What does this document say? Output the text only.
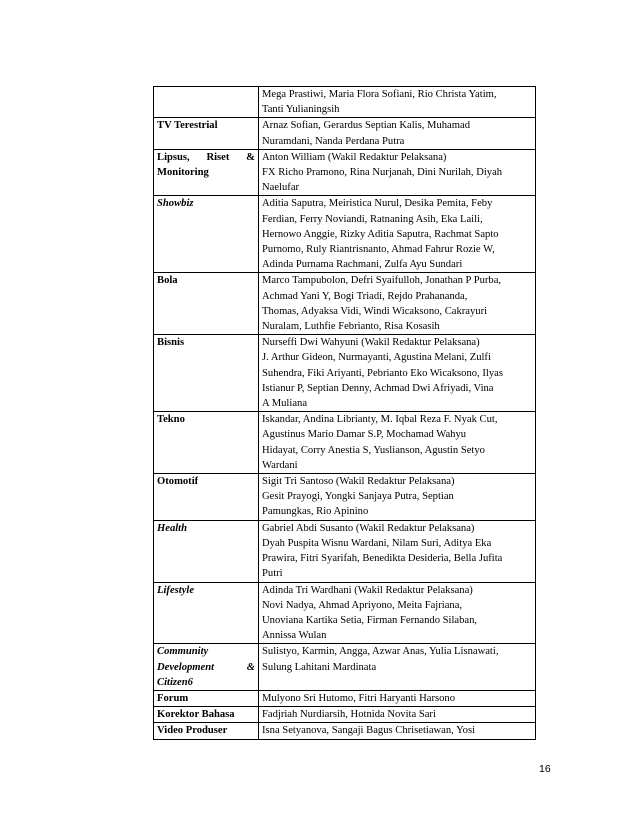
	Mega Prastiwi, Maria Flora Sofiani, Rio Christa Yatim,
Tanti Yulianingsih

TV Terestrial	Arnaz Sofian, Gerardus Septian Kalis, Muhamad
Nuramdani, Nanda Perdana Putra

Lipsus, Riset & Monitoring	Anton William (Wakil Redaktur Pelaksana)
FX Richo Pramono, Rina Nurjanah, Dini Nurilah, Diyah
Naelufar

Showbiz	Aditia Saputra, Meiristica Nurul, Desika Pemita, Feby
Ferdian, Ferry Noviandi, Ratnaning Asih, Eka Laili,
Hernowo Anggie, Rizky Aditia Saputra, Rachmat Sapto
Purnomo, Ruly Riantrisnanto, Ahmad Fahrur Rozie W,
Adinda Purnama Rachmani, Zulfa Ayu Sundari

Bola	Marco Tampubolon, Defri Syaifulloh, Jonathan P Purba,
Achmad Yani Y, Bogi Triadi, Rejdo Prahananda,
Thomas, Adyaksa Vidi, Windi Wicaksono, Cakrayuri
Nuralam, Luthfie Febrianto, Risa Kosasih

Bisnis	Nurseffi Dwi Wahyuni (Wakil Redaktur Pelaksana)
J. Arthur Gideon, Nurmayanti, Agustina Melani, Zulfi
Suhendra, Fiki Ariyanti, Pebrianto Eko Wicaksono, Ilyas
Istianur P, Septian Denny, Achmad Dwi Afriyadi, Vina
A Muliana

Tekno	Iskandar, Andina Librianty, M. Iqbal Reza F. Nyak Cut,
Agustinus Mario Damar S.P, Mochamad Wahyu
Hidayat, Corry Anestia S, Yuslianson, Agustin Setyo
Wardani

Otomotif	Sigit Tri Santoso (Wakil Redaktur Pelaksana)
Gesit Prayogi, Yongki Sanjaya Putra, Septian
Pamungkas, Rio Apinino

Health	Gabriel Abdi Susanto (Wakil Redaktur Pelaksana)
Dyah Puspita Wisnu Wardani, Nilam Suri, Aditya Eka
Prawira, Fitri Syarifah, Benedikta Desideria, Bella Jufita
Putri

Lifestyle	Adinda Tri Wardhani (Wakil Redaktur Pelaksana)
Novi Nadya, Ahmad Apriyono, Meita Fajriana,
Unoviana Kartika Setia, Firman Fernando Silaban,
Annissa Wulan

Community Development & Citizen6	Sulistyo, Karmin, Angga, Azwar Anas, Yulia Lisnawati,
Sulung Lahitani Mardinata

Forum	Mulyono Sri Hutomo, Fitri Haryanti Harsono

Korektor Bahasa	Fadjriah Nurdiarsih, Hotnida Novita Sari

Video Produser	Isna Setyanova, Sangaji Bagus Chrisetiawan, Yosi
16
